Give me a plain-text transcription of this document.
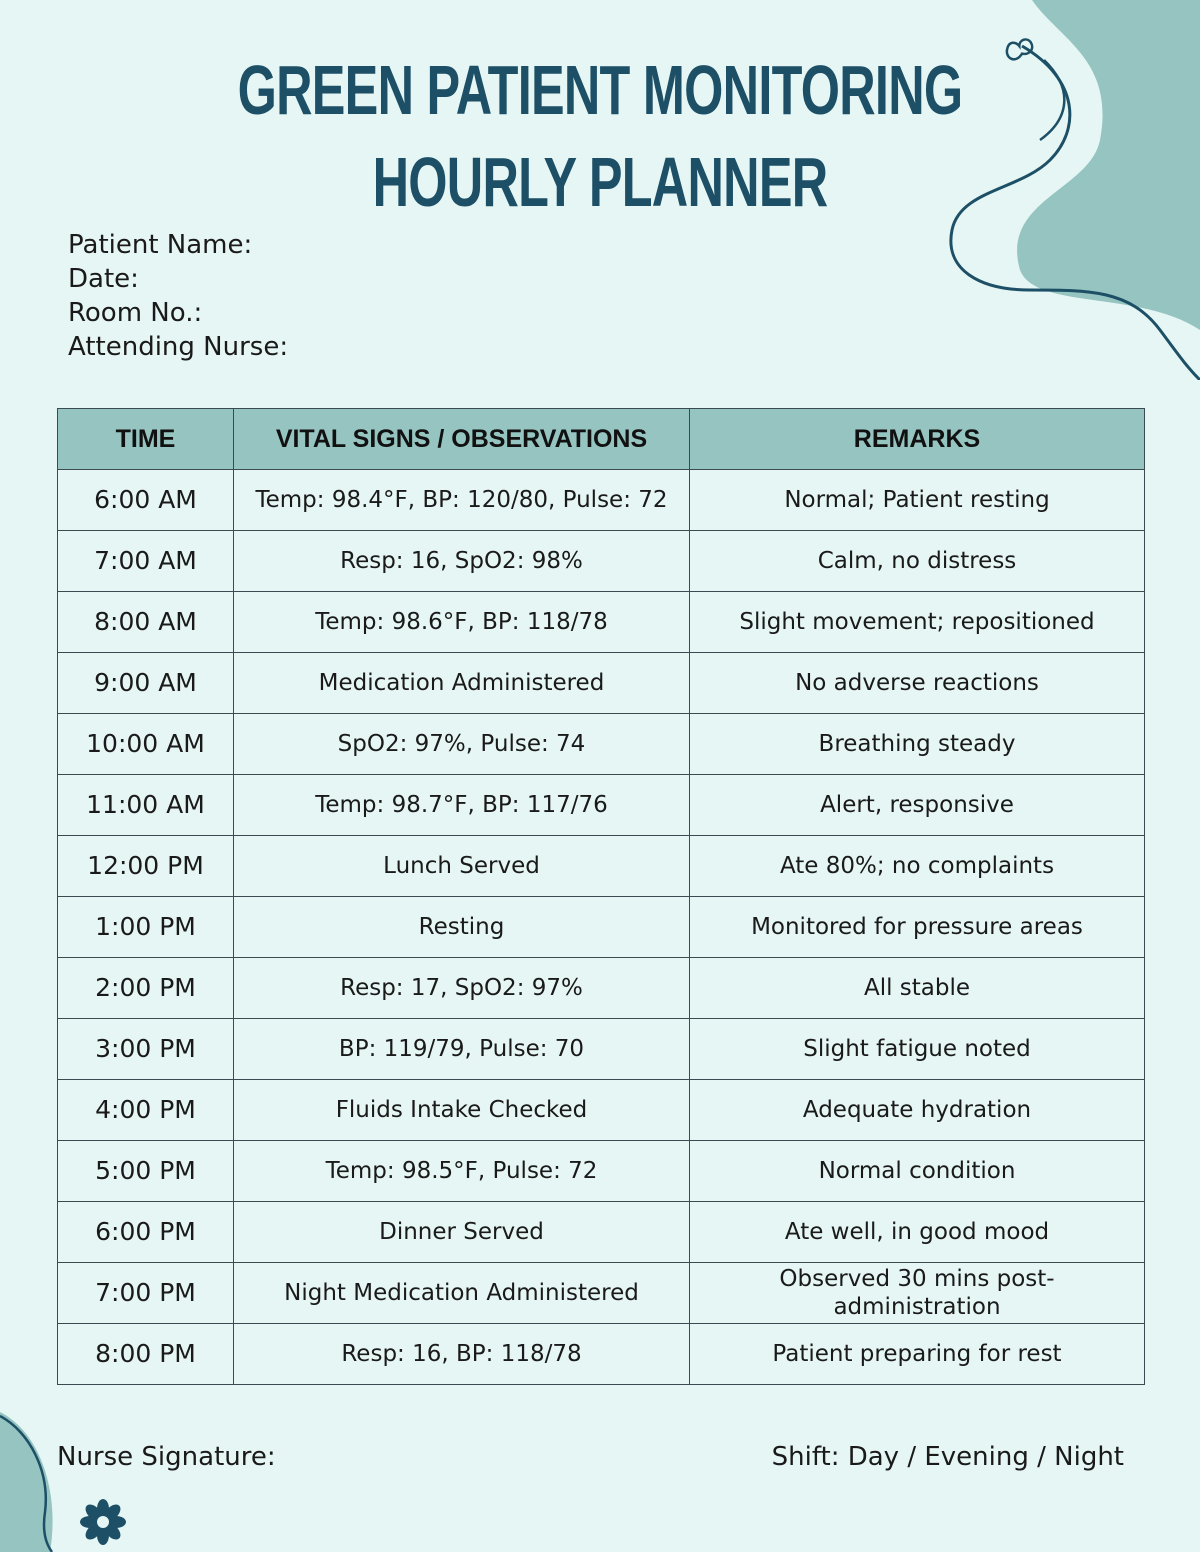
GREEN PATIENT MONITORING
HOURLY PLANNER
Patient Name:
Date:
Room No.:
Attending Nurse:
TIME	VITAL SIGNS / OBSERVATIONS	REMARKS
6:00 AM	Temp: 98.4°F, BP: 120/80, Pulse: 72	Normal; Patient resting
7:00 AM	Resp: 16, SpO2: 98%	Calm, no distress
8:00 AM	Temp: 98.6°F, BP: 118/78	Slight movement; repositioned
9:00 AM	Medication Administered	No adverse reactions
10:00 AM	SpO2: 97%, Pulse: 74	Breathing steady
11:00 AM	Temp: 98.7°F, BP: 117/76	Alert, responsive
12:00 PM	Lunch Served	Ate 80%; no complaints
1:00 PM	Resting	Monitored for pressure areas
2:00 PM	Resp: 17, SpO2: 97%	All stable
3:00 PM	BP: 119/79, Pulse: 70	Slight fatigue noted
4:00 PM	Fluids Intake Checked	Adequate hydration
5:00 PM	Temp: 98.5°F, Pulse: 72	Normal condition
6:00 PM	Dinner Served	Ate well, in good mood
7:00 PM	Night Medication Administered	Observed 30 mins post-administration
8:00 PM	Resp: 16, BP: 118/78	Patient preparing for rest
Nurse Signature:	Shift: Day / Evening / Night
